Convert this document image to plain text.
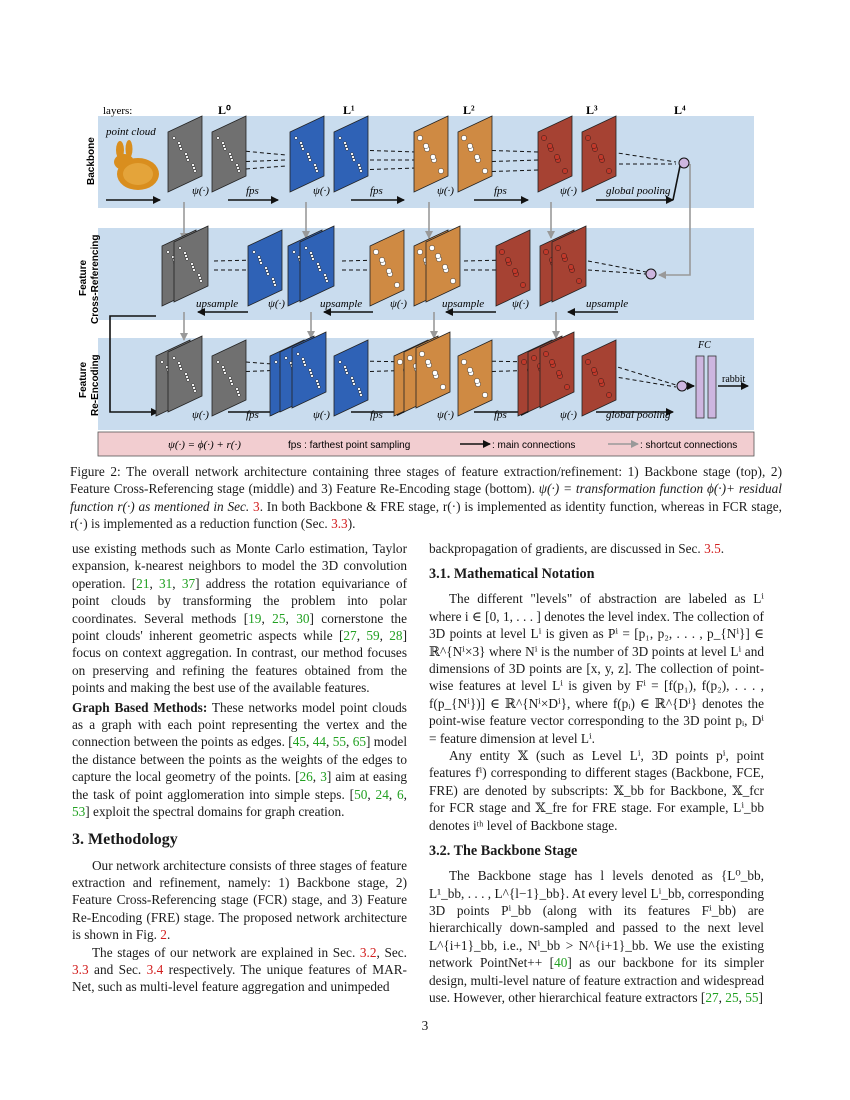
layers:	L⁰	L¹	L²	L³	L⁴
Backbone
Feature Cross-Referencing
Feature Re-Encoding
point cloud
FC
rabbit
ψ(·)	fps	ψ(·)	fps	ψ(·)	fps	ψ(·)	global pooling
upsample	ψ(·)	upsample	ψ(·)	upsample	ψ(·)	upsample
ψ(·)	fps	ψ(·)	fps	ψ(·)	fps	ψ(·)	global pooling
ψ(·) = ϕ(·) + r(·)	fps : farthest point sampling	: main connections	: shortcut connections
Figure 2: The overall network architecture containing three stages of feature extraction/refinement: 1) Backbone stage (top), 2) Feature Cross-Referencing stage (middle) and 3) Feature Re-Encoding stage (bottom). ψ(·) = transformation function ϕ(·)+ residual function r(·) as mentioned in Sec. 3. In both Backbone & FRE stage, r(·) is implemented as identity function, whereas in FCR stage, r(·) is implemented as a reduction function (Sec. 3.3).

use existing methods such as Monte Carlo estimation, Taylor expansion, k-nearest neighbors to model the 3D convolution operation. [21, 31, 37] address the rotation equivariance of point clouds by transforming the problem into polar coordinates. Several methods [19, 25, 30] cornerstone the point clouds' inherent geometric aspects while [27, 59, 28] focus on context aggregation. In contrast, our method focuses on preserving and refining the features obtained from the points and making the best use of the available features.

Graph Based Methods: These networks model point clouds as a graph with each point representing the vertex and the connection between the points as edges. [45, 44, 55, 65] model the distance between the points as the weights of the edges to capture the local geometry of the points. [26, 3] aim at easing the task of point agglomeration into simple steps. [50, 24, 6, 53] exploit the spectral domains for graph creation.

3. Methodology

Our network architecture consists of three stages of feature extraction and refinement, namely: 1) Backbone stage, 2) Feature Cross-Referencing stage (FCR) stage, and 3) Feature Re-Encoding (FRE) stage. The proposed network architecture is shown in Fig. 2.

The stages of our network are explained in Sec. 3.2, Sec. 3.3 and Sec. 3.4 respectively. The unique features of MAR-Net, such as multi-level feature aggregation and unimpeded

backpropagation of gradients, are discussed in Sec. 3.5.

3.1. Mathematical Notation

The different "levels" of abstraction are labeled as Lⁱ where i ∈ [0, 1, . . . ] denotes the level index. The collection of 3D points at level Lⁱ is given as Pⁱ = [p₁, p₂, . . . , p_{Nⁱ}] ∈ ℝ^{Nⁱ×3} where Nⁱ is the number of 3D points at level Lⁱ and dimensions of 3D points are [x, y, z]. The collection of point-wise features at level Lⁱ is given by Fⁱ = [f(p₁), f(p₂), . . . , f(p_{Nⁱ})] ∈ ℝ^{Nⁱ×Dⁱ}, where f(pᵢ) ∈ ℝ^{Dⁱ} denotes the point-wise feature vector corresponding to the 3D point pᵢ, Dⁱ = feature dimension at level Lⁱ.

Any entity 𝕏 (such as Level Lⁱ, 3D points pⁱ, point features fⁱ) corresponding to different stages (Backbone, FCE, FRE) are denoted by subscripts: 𝕏_bb for Backbone, 𝕏_fcr for FCR stage and 𝕏_fre for FRE stage. For example, Lⁱ_bb denotes iᵗʰ level of Backbone stage.

3.2. The Backbone Stage

The Backbone stage has l levels denoted as {L⁰_bb, L¹_bb, . . . , L^{l−1}_bb}. At every level Lⁱ_bb, corresponding 3D points Pⁱ_bb (along with its features Fⁱ_bb) are hierarchically down-sampled and passed to the next level L^{i+1}_bb, i.e., Nⁱ_bb > N^{i+1}_bb. We use the existing network PointNet++ [40] as our backbone for its simpler design, multi-level nature of feature extraction and widespread use. However, other hierarchical feature extractors [27, 25, 55]

3
